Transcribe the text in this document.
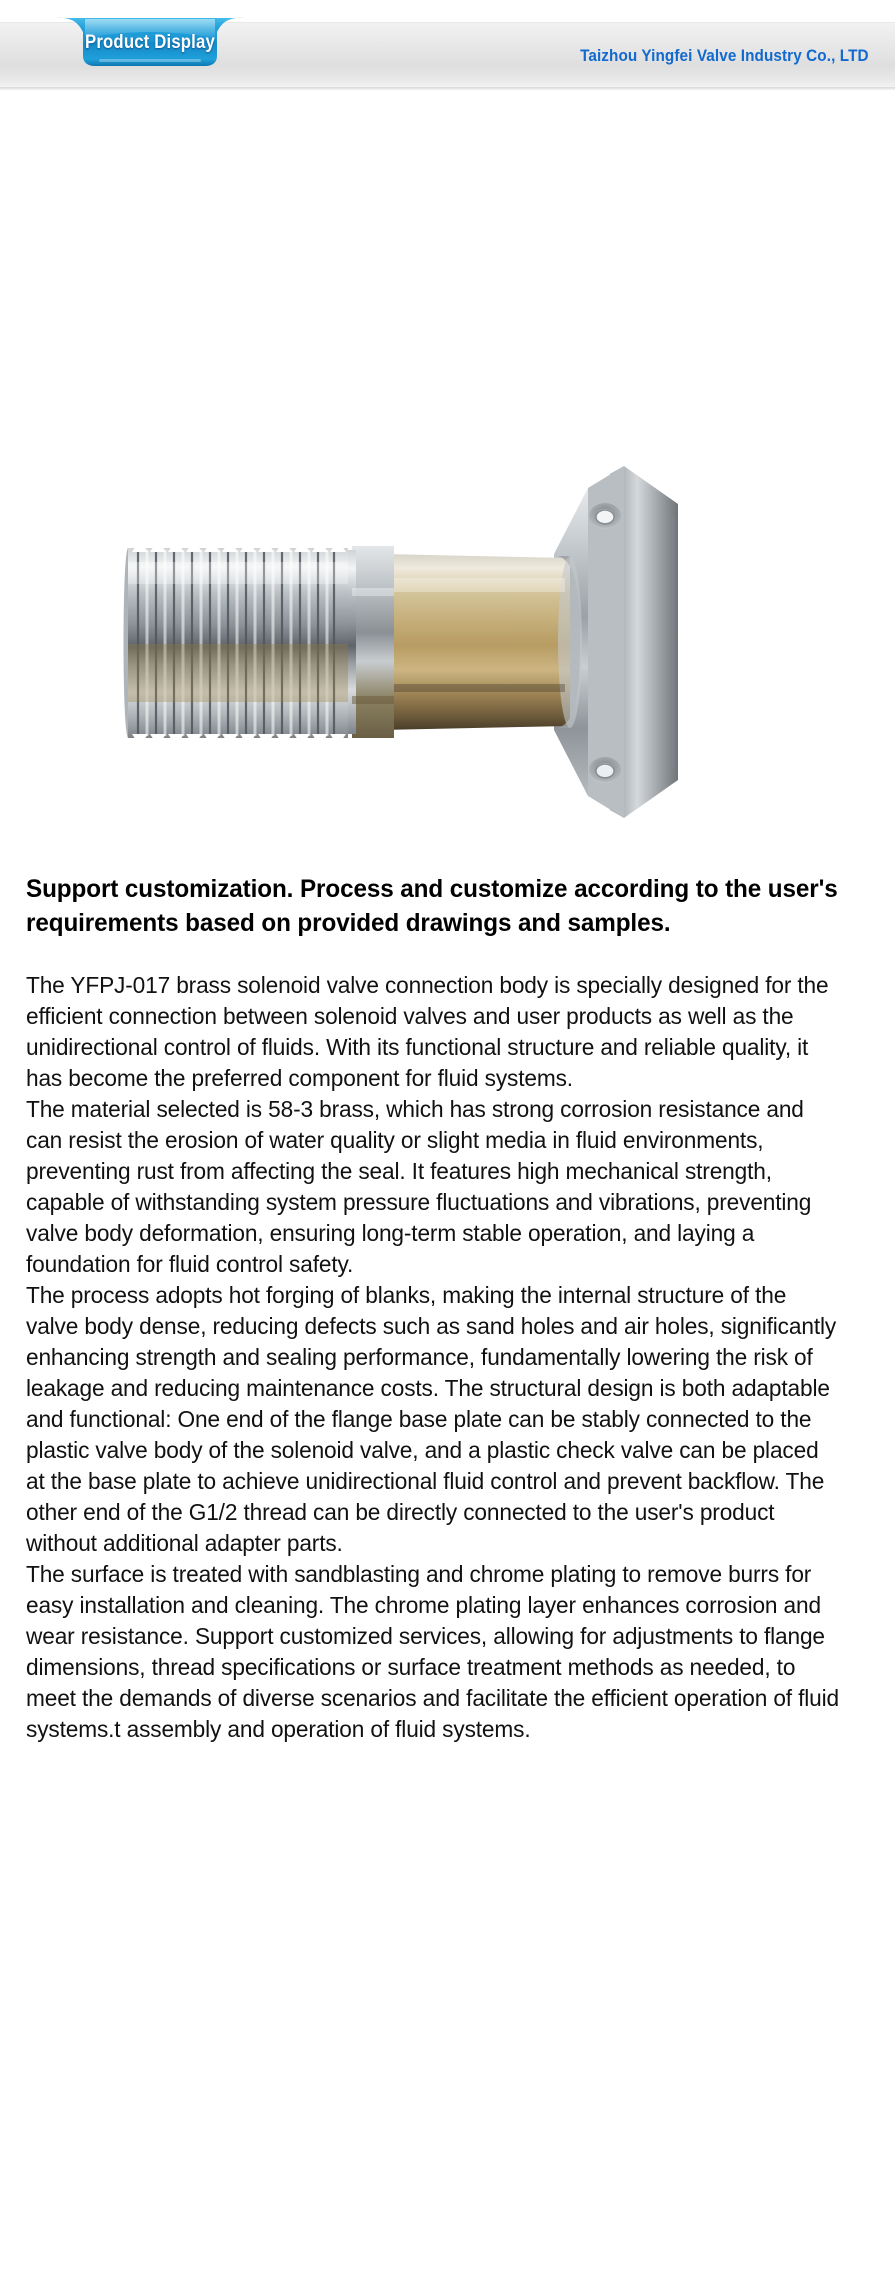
Product Display
Taizhou Yingfei Valve Industry Co., LTD
Support customization. Process and customize according to the user's requirements based on provided drawings and samples.

The YFPJ-017 brass solenoid valve connection body is specially designed for the efficient connection between solenoid valves and user products as well as the unidirectional control of fluids. With its functional structure and reliable quality, it has become the preferred component for fluid systems.

The material selected is 58-3 brass, which has strong corrosion resistance and can resist the erosion of water quality or slight media in fluid environments, preventing rust from affecting the seal. It features high mechanical strength, capable of withstanding system pressure fluctuations and vibrations, preventing valve body deformation, ensuring long-term stable operation, and laying a foundation for fluid control safety.

The process adopts hot forging of blanks, making the internal structure of the valve body dense, reducing defects such as sand holes and air holes, significantly enhancing strength and sealing performance, fundamentally lowering the risk of leakage and reducing maintenance costs. The structural design is both adaptable and functional: One end of the flange base plate can be stably connected to the plastic valve body of the solenoid valve, and a plastic check valve can be placed at the base plate to achieve unidirectional fluid control and prevent backflow. The other end of the G1/2 thread can be directly connected to the user's product without additional adapter parts.

The surface is treated with sandblasting and chrome plating to remove burrs for easy installation and cleaning. The chrome plating layer enhances corrosion and wear resistance. Support customized services, allowing for adjustments to flange dimensions, thread specifications or surface treatment methods as needed, to meet the demands of diverse scenarios and facilitate the efficient operation of fluid systems.t assembly and operation of fluid systems.
